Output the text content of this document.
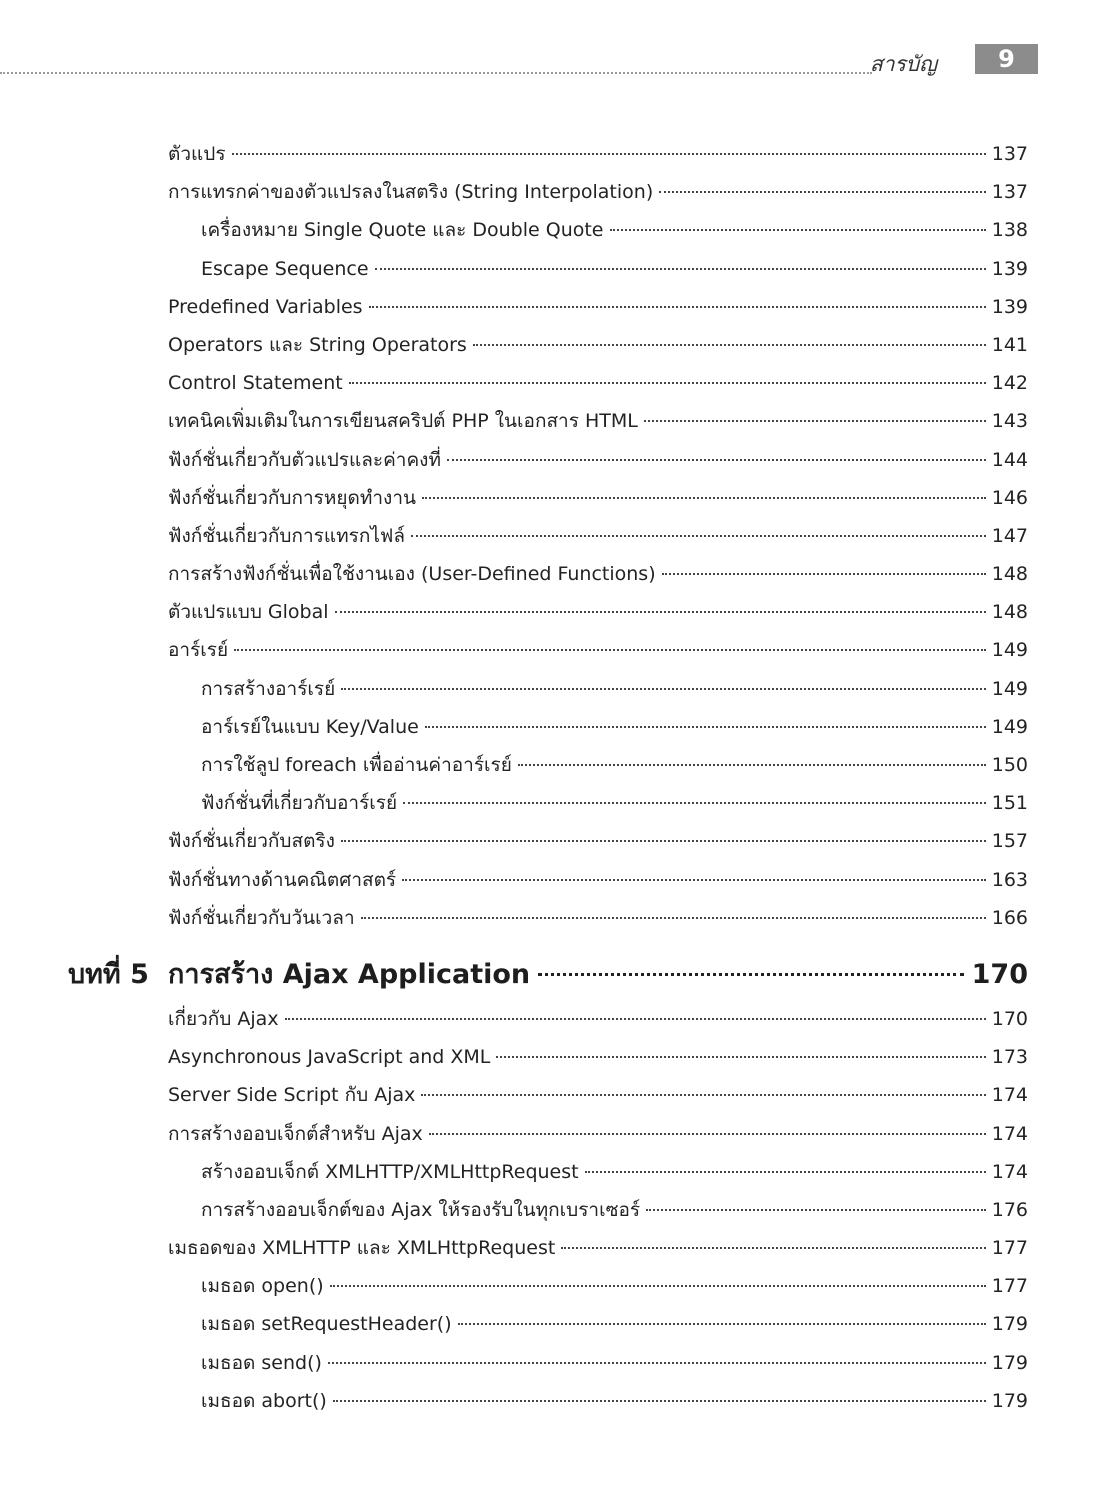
สารบัญ	9
ตัวแปร	137
การแทรกค่าของตัวแปรลงในสตริง (String Interpolation)	137
เครื่องหมาย Single Quote และ Double Quote	138
Escape Sequence	139
Predefined Variables	139
Operators และ String Operators	141
Control Statement	142
เทคนิคเพิ่มเติมในการเขียนสคริปต์ PHP ในเอกสาร HTML	143
ฟังก์ชั่นเกี่ยวกับตัวแปรและค่าคงที่	144
ฟังก์ชั่นเกี่ยวกับการหยุดทำงาน	146
ฟังก์ชั่นเกี่ยวกับการแทรกไฟล์	147
การสร้างฟังก์ชั่นเพื่อใช้งานเอง (User-Defined Functions)	148
ตัวแปรแบบ Global	148
อาร์เรย์	149
การสร้างอาร์เรย์	149
อาร์เรย์ในแบบ Key/Value	149
การใช้ลูป foreach เพื่ออ่านค่าอาร์เรย์	150
ฟังก์ชั่นที่เกี่ยวกับอาร์เรย์	151
ฟังก์ชั่นเกี่ยวกับสตริง	157
ฟังก์ชั่นทางด้านคณิตศาสตร์	163
ฟังก์ชั่นเกี่ยวกับวันเวลา	166
บทที่ 5 การสร้าง Ajax Application	170
เกี่ยวกับ Ajax	170
Asynchronous JavaScript and XML	173
Server Side Script กับ Ajax	174
การสร้างออบเจ็กต์สำหรับ Ajax	174
สร้างออบเจ็กต์ XMLHTTP/XMLHttpRequest	174
การสร้างออบเจ็กต์ของ Ajax ให้รองรับในทุกเบราเซอร์	176
เมธอดของ XMLHTTP และ XMLHttpRequest	177
เมธอด open()	177
เมธอด setRequestHeader()	179
เมธอด send()	179
เมธอด abort()	179
